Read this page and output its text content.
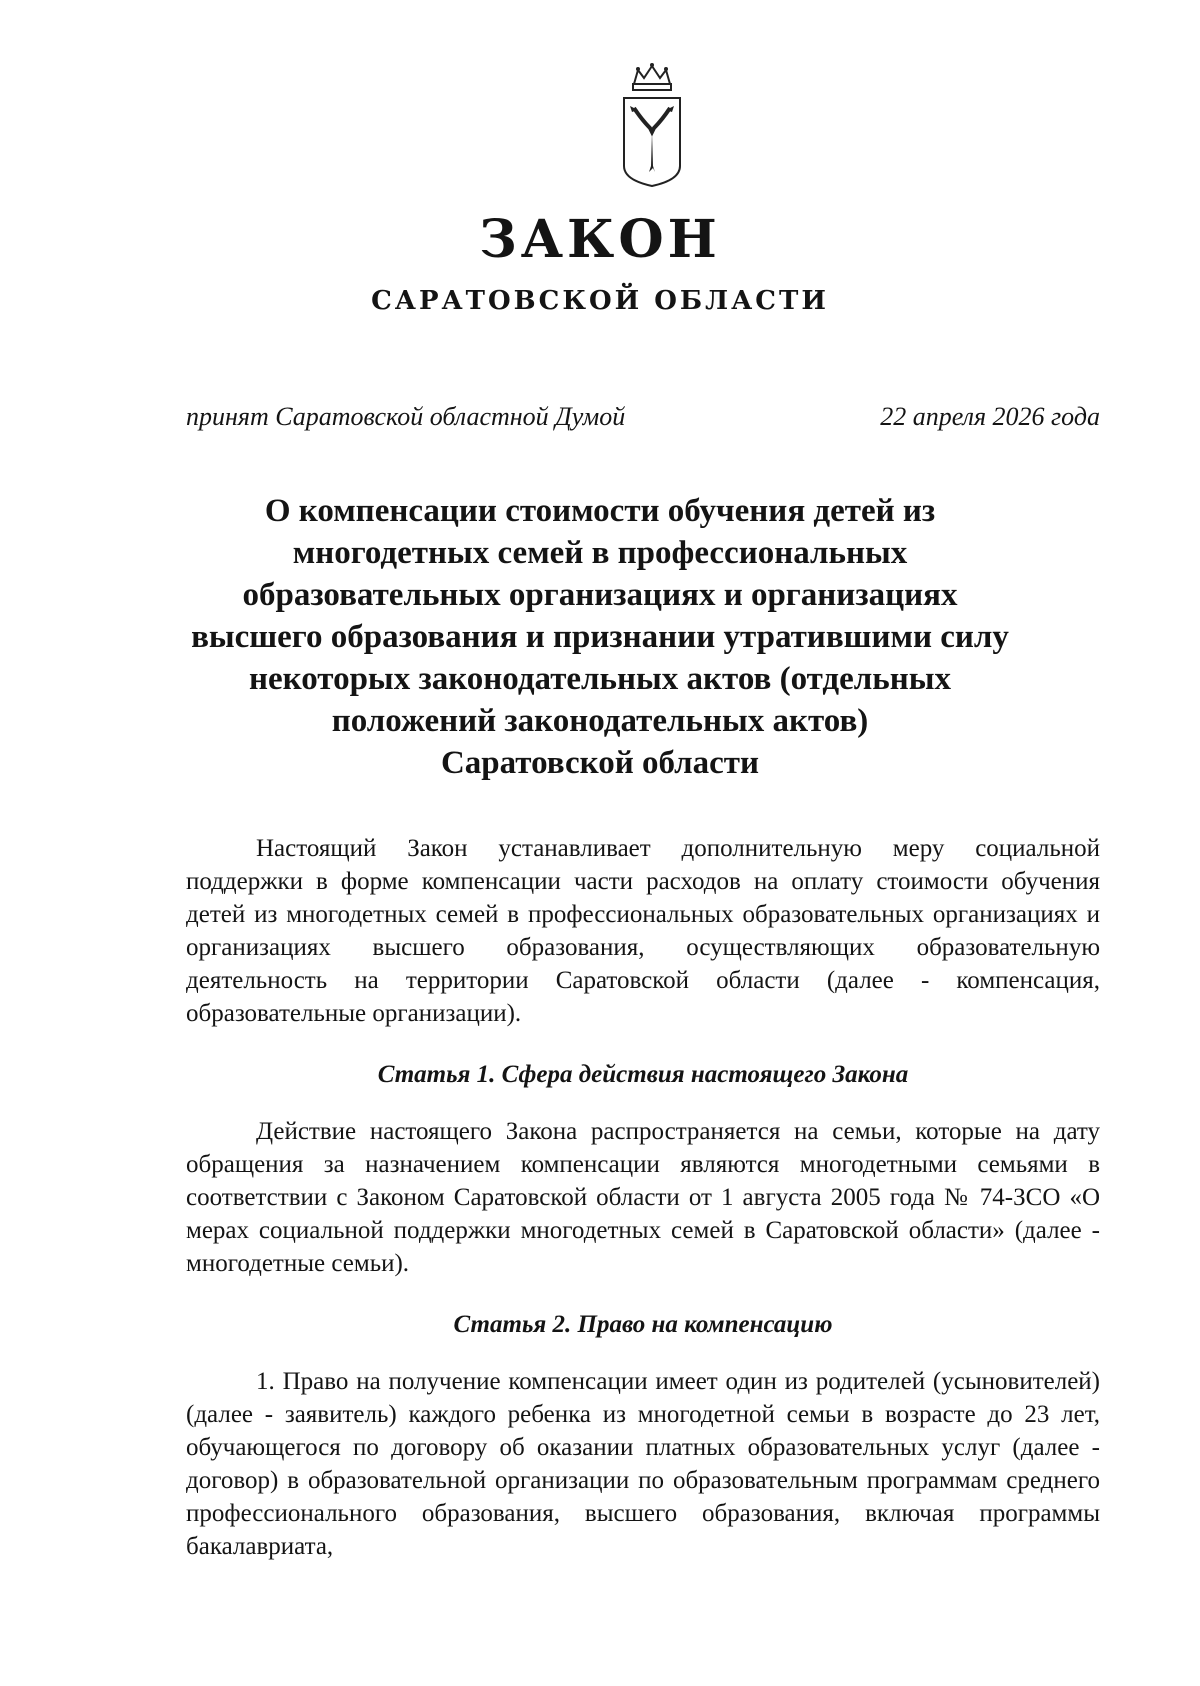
ЗАКОН
САРАТОВСКОЙ ОБЛАСТИ
принят Саратовской областной Думой	22 апреля 2026 года
О компенсации стоимости обучения детей из
многодетных семей в профессиональных
образовательных организациях и организациях
высшего образования и признании утратившими силу
некоторых законодательных актов (отдельных
положений законодательных актов)
Саратовской области

Настоящий Закон устанавливает дополнительную меру социальной поддержки в форме компенсации части расходов на оплату стоимости обучения детей из многодетных семей в профессиональных образовательных организациях и организациях высшего образования, осуществляющих образовательную деятельность на территории Саратовской области (далее - компенсация, образовательные организации).

Статья 1. Сфера действия настоящего Закона

Действие настоящего Закона распространяется на семьи, которые на дату обращения за назначением компенсации являются многодетными семьями в соответствии с Законом Саратовской области от 1 августа 2005 года № 74-ЗСО «О мерах социальной поддержки многодетных семей в Саратовской области» (далее - многодетные семьи).

Статья 2. Право на компенсацию

1. Право на получение компенсации имеет один из родителей (усыновителей) (далее - заявитель) каждого ребенка из многодетной семьи в возрасте до 23 лет, обучающегося по договору об оказании платных образовательных услуг (далее - договор) в образовательной организации по образовательным программам среднего профессионального образования, высшего образования, включая программы бакалавриата,
